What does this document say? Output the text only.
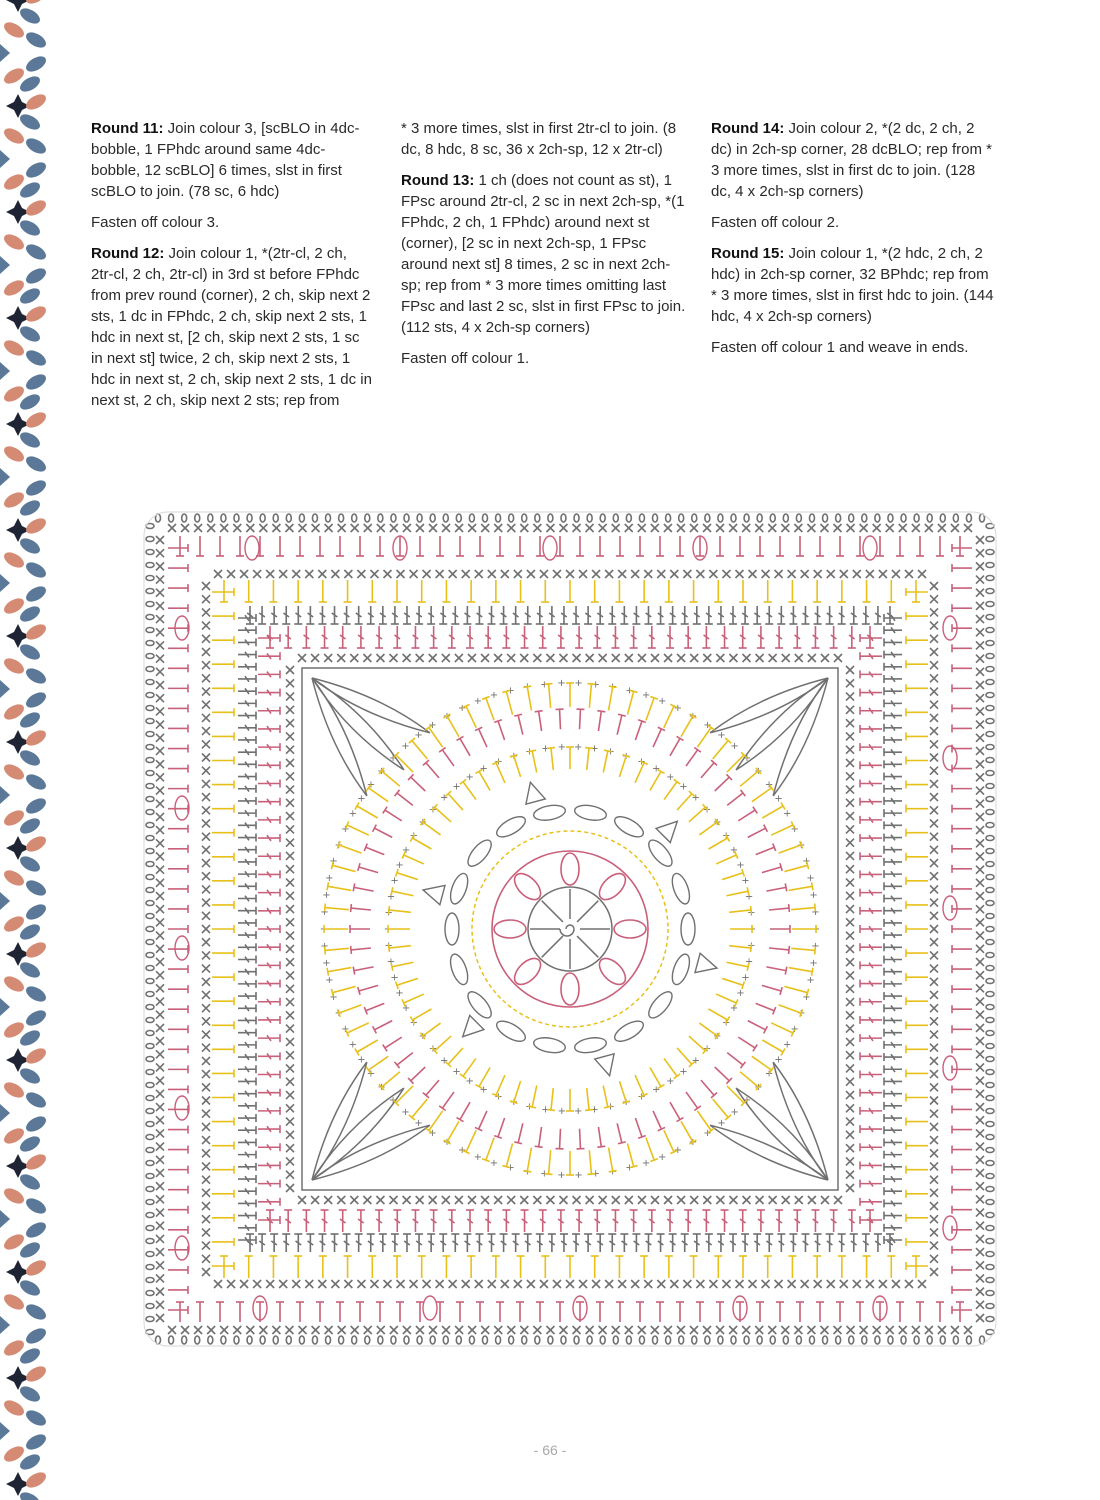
Round 11: Join colour 3, [scBLO in 4dc-bobble, 1 FPhdc around same 4dc-bobble, 12 scBLO] 6 times, slst in first scBLO to join. (78 sc, 6 hdc)

Fasten off colour 3.

Round 12: Join colour 1, *(2tr-cl, 2 ch, 2tr-cl, 2 ch, 2tr-cl) in 3rd st before FPhdc from prev round (corner), 2 ch, skip next 2 sts, 1 dc in FPhdc, 2 ch, skip next 2 sts, 1 hdc in next st, [2 ch, skip next 2 sts, 1 sc in next st] twice, 2 ch, skip next 2 sts, 1 hdc in next st, 2 ch, skip next 2 sts, 1 dc in next st, 2 ch, skip next 2 sts; rep from

* 3 more times, slst in first 2tr-cl to join. (8 dc, 8 hdc, 8 sc, 36 x 2ch-sp, 12 x 2tr-cl)

Round 13: 1 ch (does not count as st), 1 FPsc around 2tr-cl, 2 sc in next 2ch-sp, *(1 FPhdc, 2 ch, 1 FPhdc) around next st (corner), [2 sc in next 2ch-sp, 1 FPsc around next st] 8 times, 2 sc in next 2ch-sp; rep from * 3 more times omitting last FPsc and last 2 sc, slst in first FPsc to join. (112 sts, 4 x 2ch-sp corners)

Fasten off colour 1.

Round 14: Join colour 2, *(2 dc, 2 ch, 2 dc) in 2ch-sp corner, 28 dcBLO; rep from * 3 more times, slst in first dc to join. (128 dc, 4 x 2ch-sp corners)

Fasten off colour 2.

Round 15: Join colour 1, *(2 hdc, 2 ch, 2 hdc) in 2ch-sp corner, 32 BPhdc; rep from * 3 more times, slst in first hdc to join. (144 hdc, 4 x 2ch-sp corners)

Fasten off colour 1 and weave in ends.

+
+
+
+
+
+
+
+
+
+
+
+
+
+
+
+
+
+
+
+
+
+
+
+
+
+
+
+
+
+
+
+
+
+
+
+
+
+
+
+
+
+
+
+
+
+
+
+
+
+
+
+
+
+
+
+
+
+
+
+
+
+
+
+ + + + + + + + + +
+
+
+
+
+
+
+
+
+
+
+
+
+
+
+
+
+
+
+
+
+
+
+
+
+
+
+
+
+
+
+
+
+
+
+
+
+
+
+
+
+
+
+
+
+
+
+
+
+
+
+
+
+
+
+
+
+
+
+
+
+
+
+
+
+
+
+ + + + + + + +
+
+
+
+
+
+
+
+
+
+
+
+
+
- 66 -
